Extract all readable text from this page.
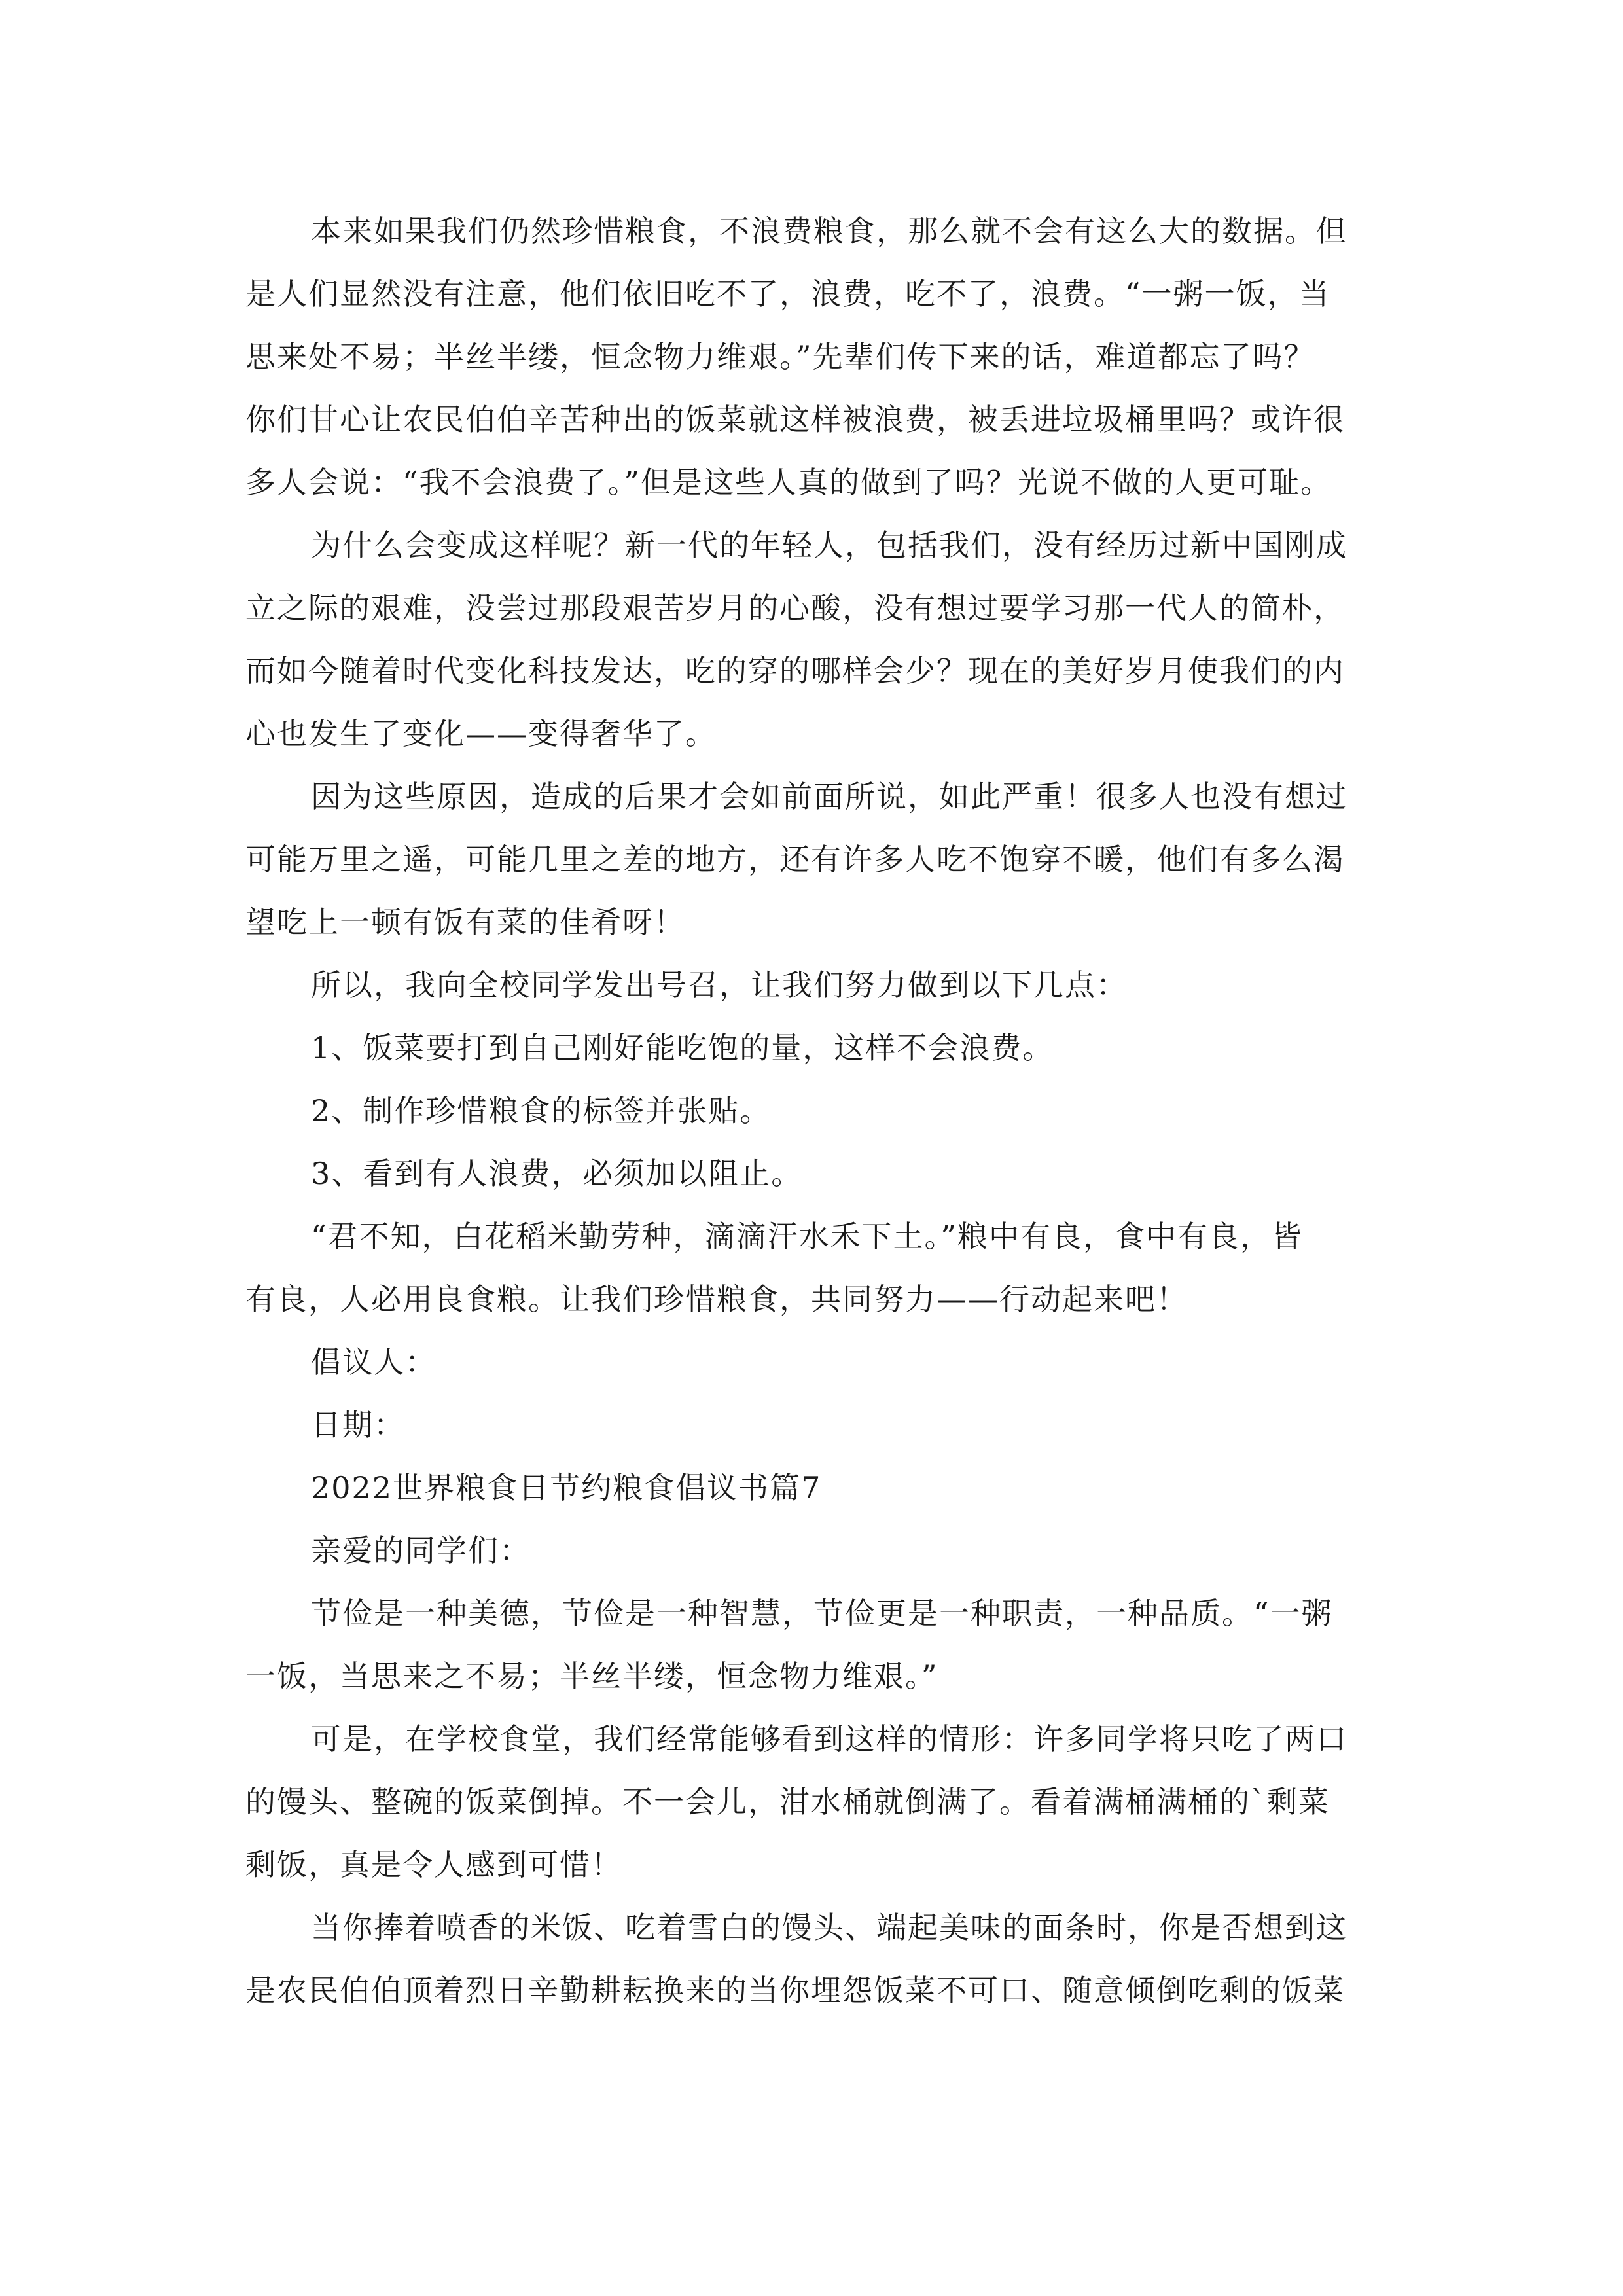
本来如果我们仍然珍惜粮食，不浪费粮食，那么就不会有这么大的数据。但
是人们显然没有注意，他们依旧吃不了，浪费，吃不了，浪费。“一粥一饭，当
思来处不易；半丝半缕，恒念物力维艰。”先辈们传下来的话，难道都忘了吗？
你们甘心让农民伯伯辛苦种出的饭菜就这样被浪费，被丢进垃圾桶里吗？或许很
多人会说：“我不会浪费了。”但是这些人真的做到了吗？光说不做的人更可耻。
为什么会变成这样呢？新一代的年轻人，包括我们，没有经历过新中国刚成
立之际的艰难，没尝过那段艰苦岁月的心酸，没有想过要学习那一代人的简朴，
而如今随着时代变化科技发达，吃的穿的哪样会少？现在的美好岁月使我们的内
心也发生了变化——变得奢华了。
因为这些原因，造成的后果才会如前面所说，如此严重！很多人也没有想过
可能万里之遥，可能几里之差的地方，还有许多人吃不饱穿不暖，他们有多么渴
望吃上一顿有饭有菜的佳肴呀！
所以，我向全校同学发出号召，让我们努力做到以下几点：
1、饭菜要打到自己刚好能吃饱的量，这样不会浪费。
2、制作珍惜粮食的标签并张贴。
3、看到有人浪费，必须加以阻止。
“君不知，白花稻米勤劳种，滴滴汗水禾下土。”粮中有良，食中有良，皆
有良，人必用良食粮。让我们珍惜粮食，共同努力——行动起来吧！
倡议人：
日期：
2022世界粮食日节约粮食倡议书篇7
亲爱的同学们：
节俭是一种美德，节俭是一种智慧，节俭更是一种职责，一种品质。“一粥
一饭，当思来之不易；半丝半缕，恒念物力维艰。”
可是，在学校食堂，我们经常能够看到这样的情形：许多同学将只吃了两口
的馒头、整碗的饭菜倒掉。不一会儿，泔水桶就倒满了。看着满桶满桶的`剩菜
剩饭，真是令人感到可惜！
当你捧着喷香的米饭、吃着雪白的馒头、端起美味的面条时，你是否想到这
是农民伯伯顶着烈日辛勤耕耘换来的当你埋怨饭菜不可口、随意倾倒吃剩的饭菜
